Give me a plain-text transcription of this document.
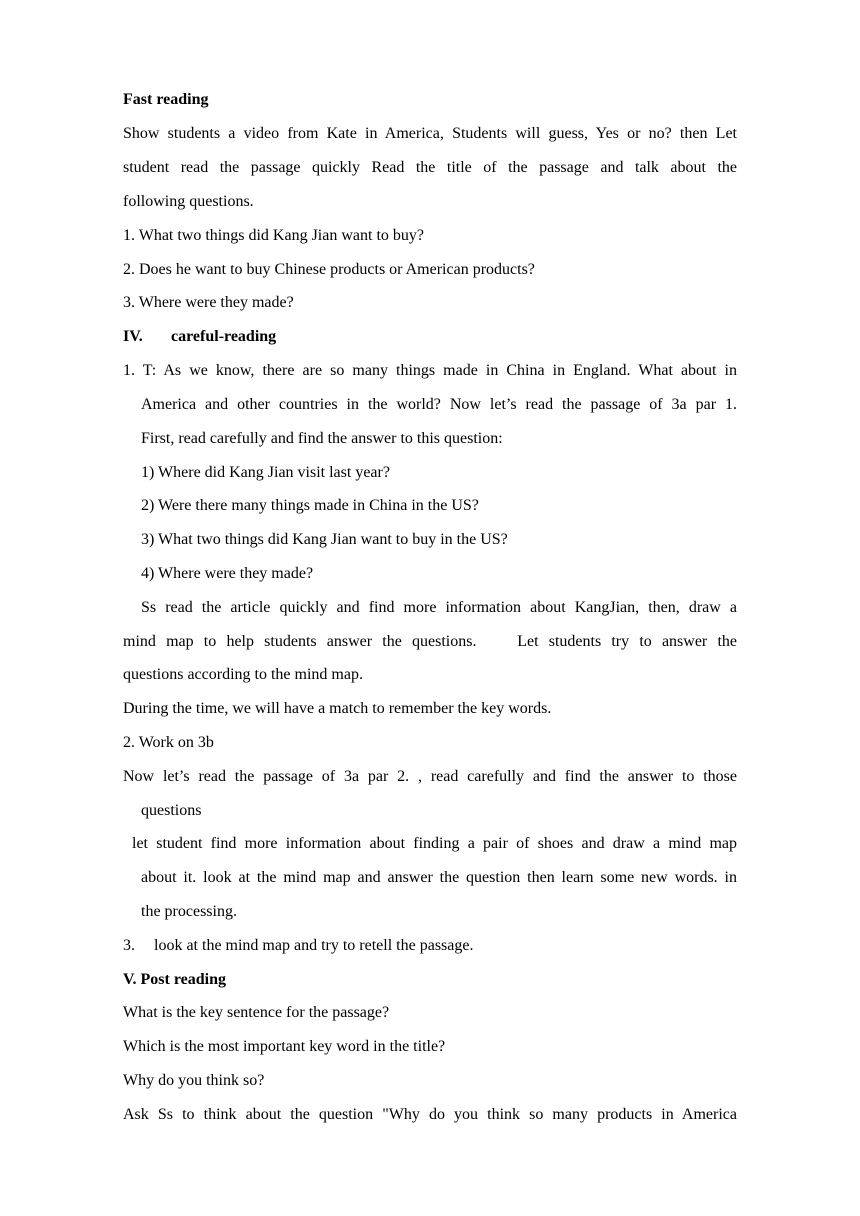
Fast reading
Show students a video from Kate in America, Students will guess, Yes or no? then Let
student read the passage quickly Read the title of the passage and talk about the
following questions.
1. What two things did Kang Jian want to buy?
2. Does he want to buy Chinese products or American products?
3. Where were they made?
IV. careful-reading
1. T: As we know, there are so many things made in China in England. What about in
America and other countries in the world? Now let’s read the passage of 3a par 1.
First, read carefully and find the answer to this question:
1) Where did Kang Jian visit last year?
2) Were there many things made in China in the US?
3) What two things did Kang Jian want to buy in the US?
4) Where were they made?
Ss read the article quickly and find more information about KangJian, then, draw a
mind map to help students answer the questions.    Let students try to answer the
questions according to the mind map.
During the time, we will have a match to remember the key words.
2. Work on 3b
Now let’s read the passage of 3a par 2. , read carefully and find the answer to those
questions
let student find more information about finding a pair of shoes and draw a mind map
about it. look at the mind map and answer the question then learn some new words. in
the processing.
3. look at the mind map and try to retell the passage.
V. Post reading
What is the key sentence for the passage?
Which is the most important key word in the title?
Why do you think so?
Ask Ss to think about the question "Why do you think so many products in America
